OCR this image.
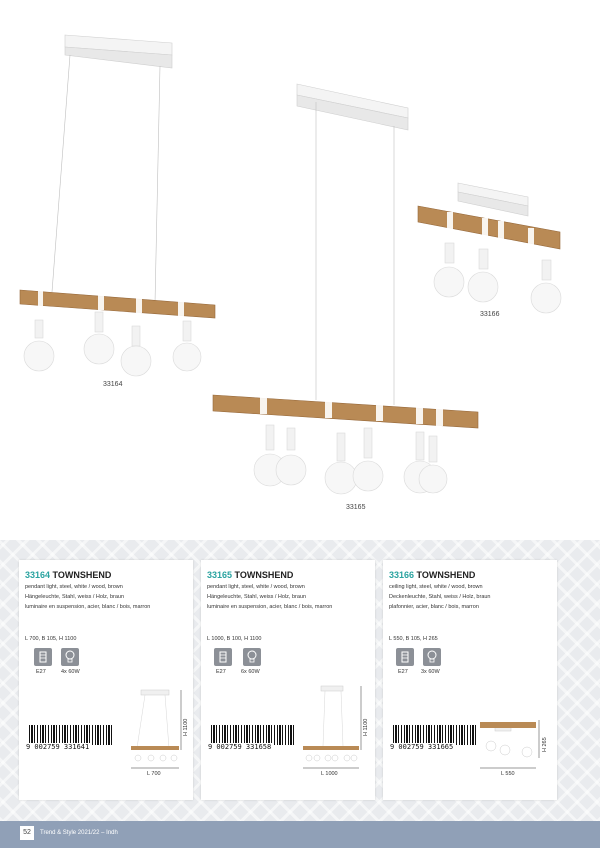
33164
33165
33166
33164 TOWNSHEND
pendant light, steel, white / wood, brown
Hängeleuchte, Stahl, weiss / Holz, braun
luminaire en suspension, acier, blanc / bois, marron
L 700, B 105, H 1100
E27	4x 60W
9 002759 331641
L 700
H 1100
33165 TOWNSHEND
pendant light, steel, white / wood, brown
Hängeleuchte, Stahl, weiss / Holz, braun
luminaire en suspension, acier, blanc / bois, marron
L 1000, B 100, H 1100
E27	6x 60W
9 002759 331658
L 1000
H 1100
33166 TOWNSHEND
ceiling light, steel, white / wood, brown
Deckenleuchte, Stahl, weiss / Holz, braun
plafonnier, acier, blanc / bois, marron
L 550, B 105, H 265
E27 3x 60W
9 002759 331665
L 550
H 265
52	Trend & Style 2021/22 – Indh
